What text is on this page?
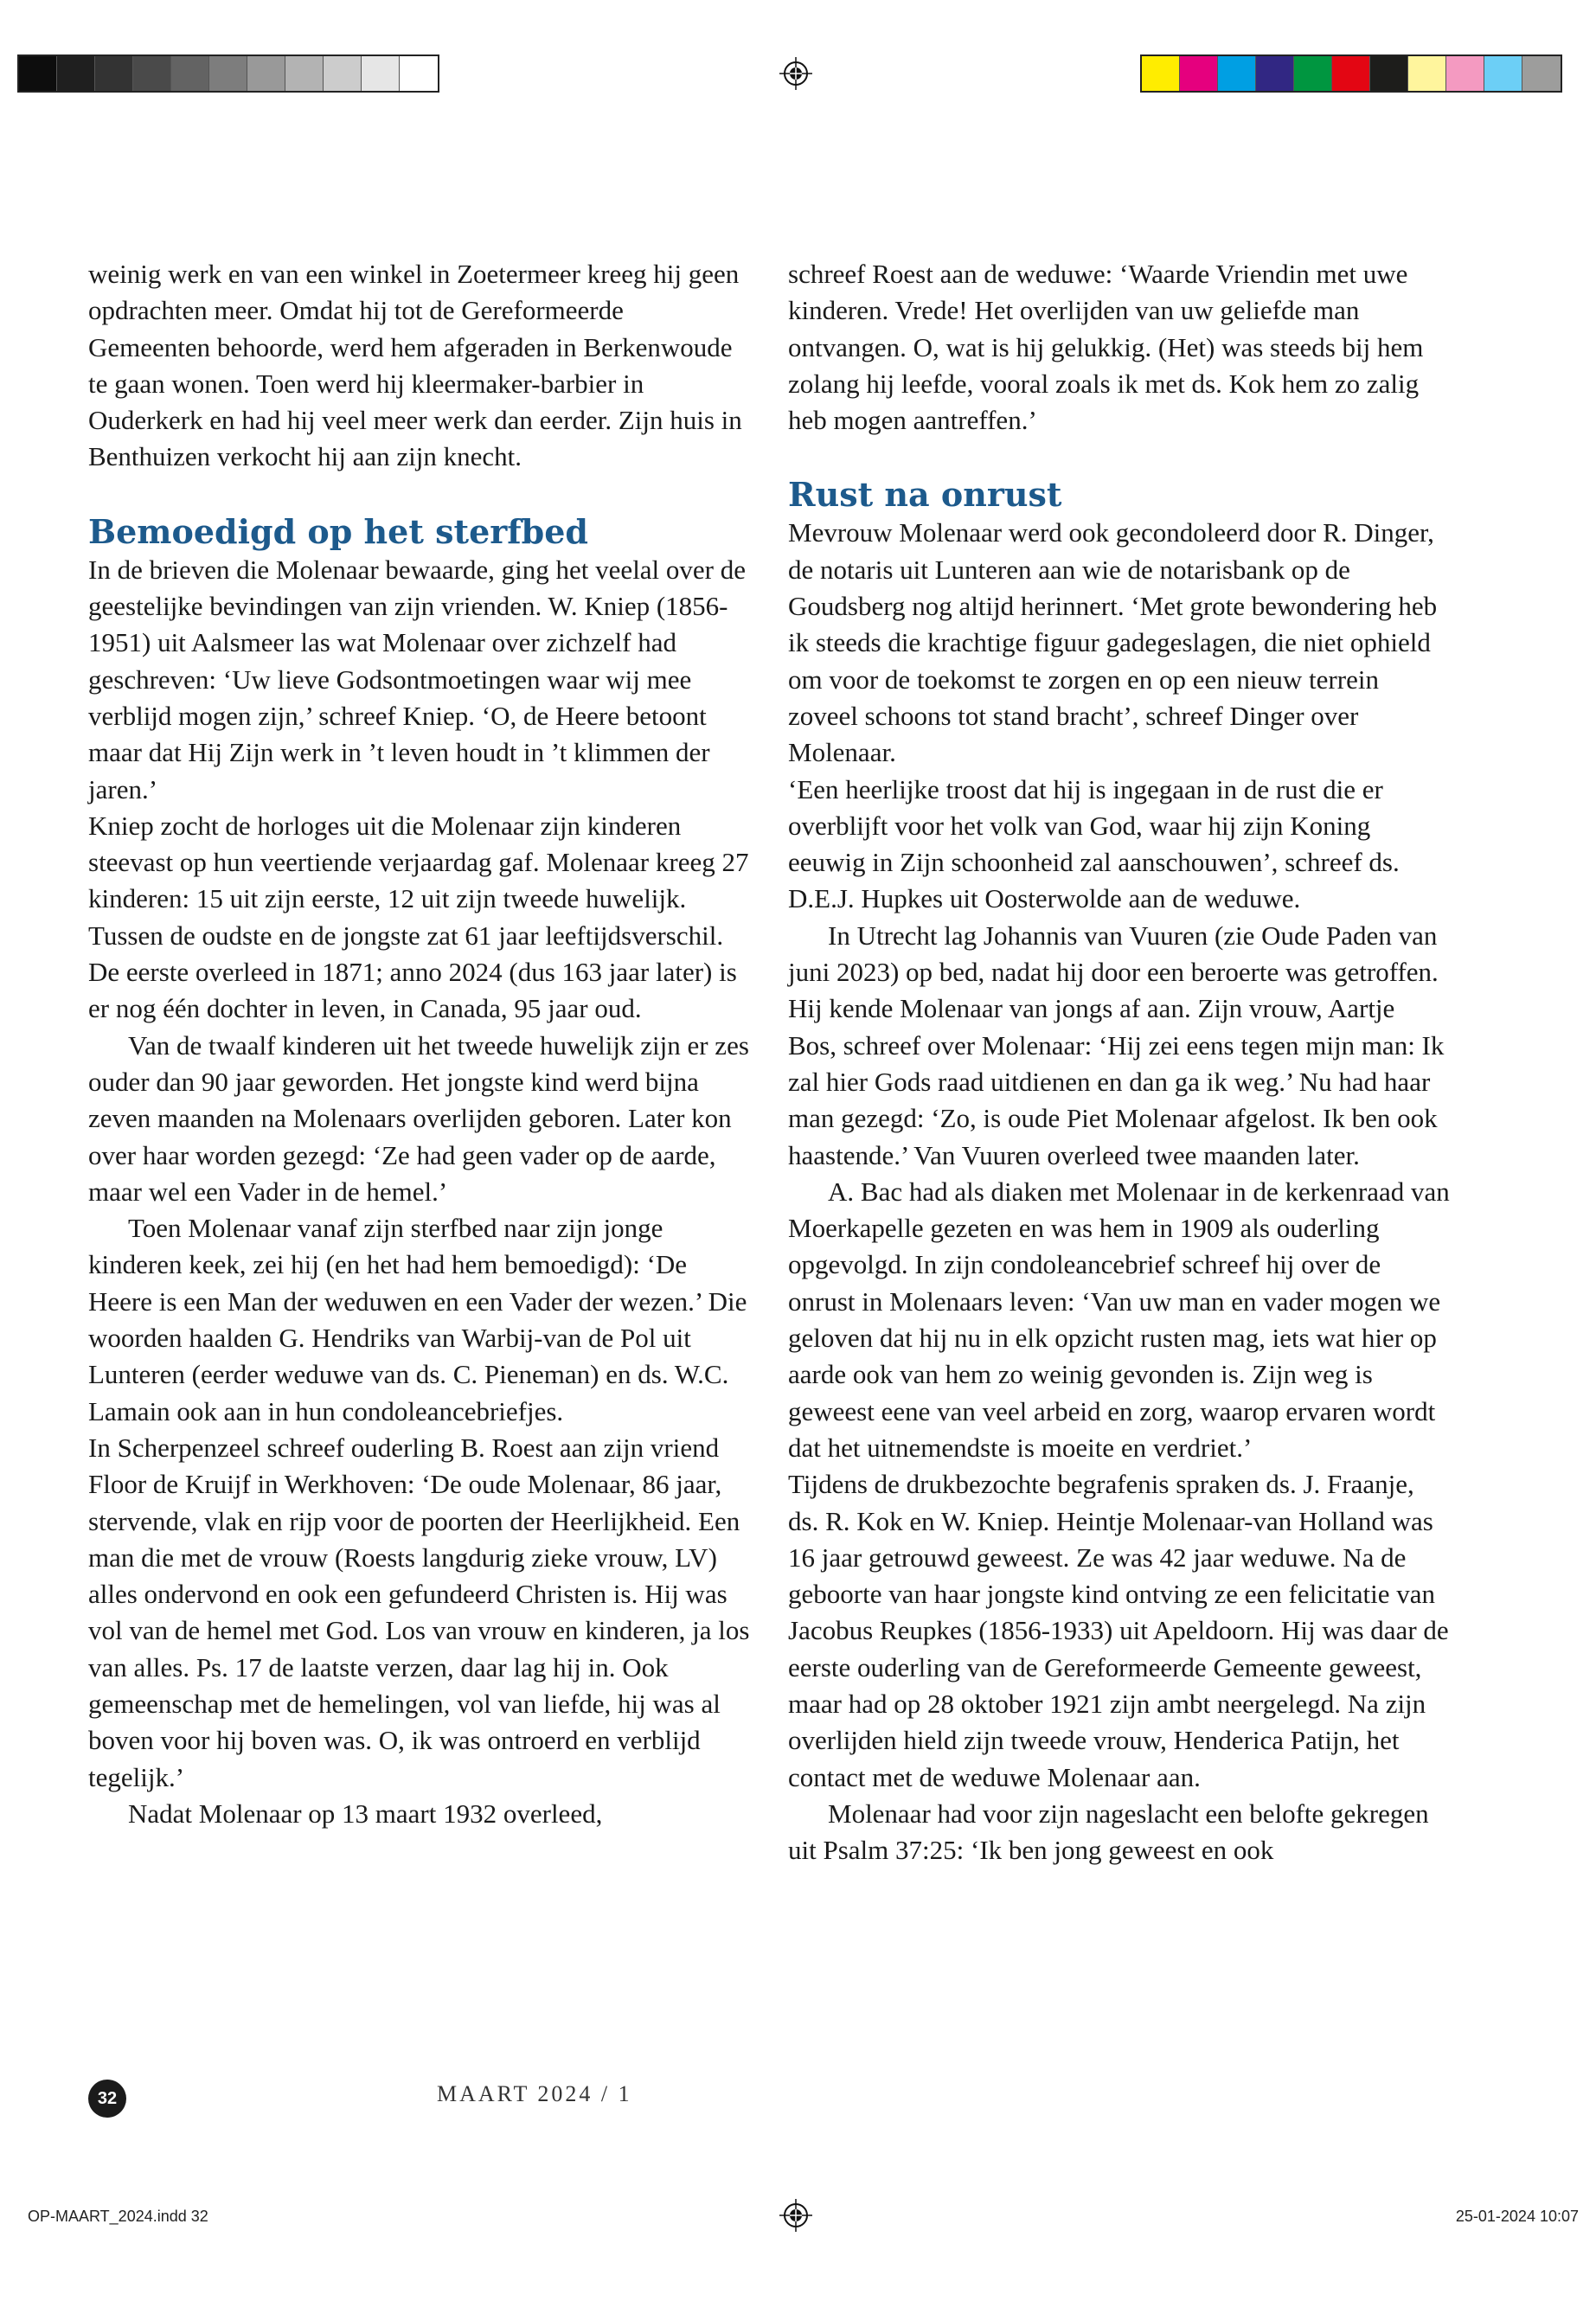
weinig werk en van een winkel in Zoetermeer kreeg hij geen opdrachten meer. Omdat hij tot de Gereformeerde Gemeenten behoorde, werd hem afgeraden in Berkenwoude te gaan wonen. Toen werd hij kleermaker-barbier in Ouderkerk en had hij veel meer werk dan eerder. Zijn huis in Benthuizen verkocht hij aan zijn knecht.

Bemoedigd op het sterfbed

In de brieven die Molenaar bewaarde, ging het veelal over de geestelijke bevindingen van zijn vrienden. W. Kniep (1856-1951) uit Aalsmeer las wat Molenaar over zichzelf had geschreven: ‘Uw lieve Godsontmoetingen waar wij mee verblijd mogen zijn,’ schreef Kniep. ‘O, de Heere betoont maar dat Hij Zijn werk in ’t leven houdt in ’t klimmen der jaren.’

Kniep zocht de horloges uit die Molenaar zijn kinderen steevast op hun veertiende verjaardag gaf. Molenaar kreeg 27 kinderen: 15 uit zijn eerste, 12 uit zijn tweede huwelijk. Tussen de oudste en de jongste zat 61 jaar leeftijdsverschil. De eerste overleed in 1871; anno 2024 (dus 163 jaar later) is er nog één dochter in leven, in Canada, 95 jaar oud.

Van de twaalf kinderen uit het tweede huwelijk zijn er zes ouder dan 90 jaar geworden. Het jongste kind werd bijna zeven maanden na Molenaars overlijden geboren. Later kon over haar worden gezegd: ‘Ze had geen vader op de aarde, maar wel een Vader in de hemel.’

Toen Molenaar vanaf zijn sterfbed naar zijn jonge kinderen keek, zei hij (en het had hem bemoedigd): ‘De Heere is een Man der weduwen en een Vader der wezen.’ Die woorden haalden G. Hendriks van Warbij-van de Pol uit Lunteren (eerder weduwe van ds. C. Pieneman) en ds. W.C. Lamain ook aan in hun condoleancebriefjes.

In Scherpenzeel schreef ouderling B. Roest aan zijn vriend Floor de Kruijf in Werkhoven: ‘De oude Molenaar, 86 jaar, stervende, vlak en rijp voor de poorten der Heerlijkheid. Een man die met de vrouw (Roests langdurig zieke vrouw, LV) alles ondervond en ook een gefundeerd Christen is. Hij was vol van de hemel met God. Los van vrouw en kinderen, ja los van alles. Ps. 17 de laatste verzen, daar lag hij in. Ook gemeenschap met de hemelingen, vol van liefde, hij was al boven voor hij boven was. O, ik was ontroerd en verblijd tegelijk.’

Nadat Molenaar op 13 maart 1932 overleed,

schreef Roest aan de weduwe: ‘Waarde Vriendin met uwe kinderen. Vrede! Het overlijden van uw geliefde man ontvangen. O, wat is hij gelukkig. (Het) was steeds bij hem zolang hij leefde, vooral zoals ik met ds. Kok hem zo zalig heb mogen aantreffen.’

Rust na onrust

Mevrouw Molenaar werd ook gecondoleerd door R. Dinger, de notaris uit Lunteren aan wie de notarisbank op de Goudsberg nog altijd herinnert. ‘Met grote bewondering heb ik steeds die krachtige figuur gadegeslagen, die niet ophield om voor de toekomst te zorgen en op een nieuw terrein zoveel schoons tot stand bracht’, schreef Dinger over Molenaar.

‘Een heerlijke troost dat hij is ingegaan in de rust die er overblijft voor het volk van God, waar hij zijn Koning eeuwig in Zijn schoonheid zal aanschouwen’, schreef ds. D.E.J. Hupkes uit Oosterwolde aan de weduwe.

In Utrecht lag Johannis van Vuuren (zie Oude Paden van juni 2023) op bed, nadat hij door een beroerte was getroffen. Hij kende Molenaar van jongs af aan. Zijn vrouw, Aartje Bos, schreef over Molenaar: ‘Hij zei eens tegen mijn man: Ik zal hier Gods raad uitdienen en dan ga ik weg.’ Nu had haar man gezegd: ‘Zo, is oude Piet Molenaar afgelost. Ik ben ook haastende.’ Van Vuuren overleed twee maanden later.

A. Bac had als diaken met Molenaar in de kerkenraad van Moerkapelle gezeten en was hem in 1909 als ouderling opgevolgd. In zijn condoleancebrief schreef hij over de onrust in Molenaars leven: ‘Van uw man en vader mogen we geloven dat hij nu in elk opzicht rusten mag, iets wat hier op aarde ook van hem zo weinig gevonden is. Zijn weg is geweest eene van veel arbeid en zorg, waarop ervaren wordt dat het uitnemendste is moeite en verdriet.’

Tijdens de drukbezochte begrafenis spraken ds. J. Fraanje, ds. R. Kok en W. Kniep. Heintje Molenaar-van Holland was 16 jaar getrouwd geweest. Ze was 42 jaar weduwe. Na de geboorte van haar jongste kind ontving ze een felicitatie van Jacobus Reupkes (1856-1933) uit Apeldoorn. Hij was daar de eerste ouderling van de Gereformeerde Gemeente geweest, maar had op 28 oktober 1921 zijn ambt neergelegd. Na zijn overlijden hield zijn tweede vrouw, Henderica Patijn, het contact met de weduwe Molenaar aan.

Molenaar had voor zijn nageslacht een belofte gekregen uit Psalm 37:25: ‘Ik ben jong geweest en ook

32	MAART 2024 / 1
OP-MAART_2024.indd 32	25-01-2024 10:07
